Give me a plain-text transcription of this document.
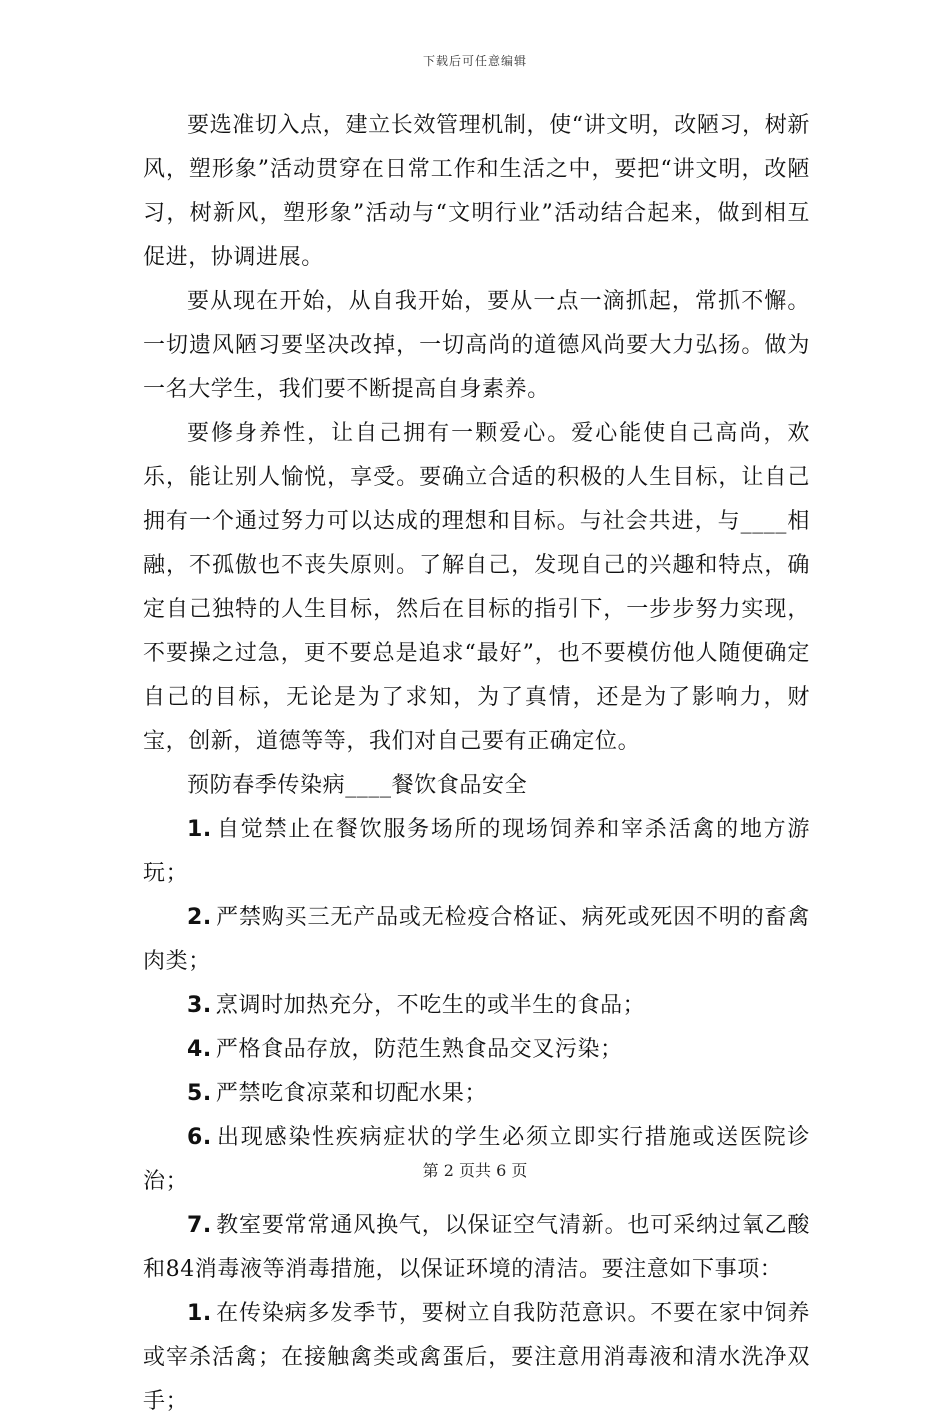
下载后可任意编辑

要选准切入点，建立长效管理机制，使“讲文明，改陋习，树新风，塑形象”活动贯穿在日常工作和生活之中，要把“讲文明，改陋习，树新风，塑形象”活动与“文明行业”活动结合起来，做到相互促进，协调进展。

要从现在开始，从自我开始，要从一点一滴抓起，常抓不懈。一切遗风陋习要坚决改掉，一切高尚的道德风尚要大力弘扬。做为一名大学生，我们要不断提高自身素养。

要修身养性，让自己拥有一颗爱心。爱心能使自己高尚，欢乐，能让别人愉悦，享受。要确立合适的积极的人生目标，让自己拥有一个通过努力可以达成的理想和目标。与社会共进，与____相融，不孤傲也不丧失原则。了解自己，发现自己的兴趣和特点，确定自己独特的人生目标，然后在目标的指引下，一步步努力实现，不要操之过急，更不要总是追求“最好”，也不要模仿他人随便确定自己的目标，无论是为了求知，为了真情，还是为了影响力，财宝，创新，道德等等，我们对自己要有正确定位。

预防春季传染病____餐饮食品安全

1. 自觉禁止在餐饮服务场所的现场饲养和宰杀活禽的地方游玩；

2. 严禁购买三无产品或无检疫合格证、病死或死因不明的畜禽肉类；

3. 烹调时加热充分，不吃生的或半生的食品；

4. 严格食品存放，防范生熟食品交叉污染；

5. 严禁吃食凉菜和切配水果；

6. 出现感染性疾病症状的学生必须立即实行措施或送医院诊治；

7. 教室要常常通风换气，以保证空气清新。也可采纳过氧乙酸和84消毒液等消毒措施，以保证环境的清洁。要注意如下事项：

1. 在传染病多发季节，要树立自我防范意识。不要在家中饲养或宰杀活禽；在接触禽类或禽蛋后，要注意用消毒液和清水洗净双手；

第 2 页共 6 页
